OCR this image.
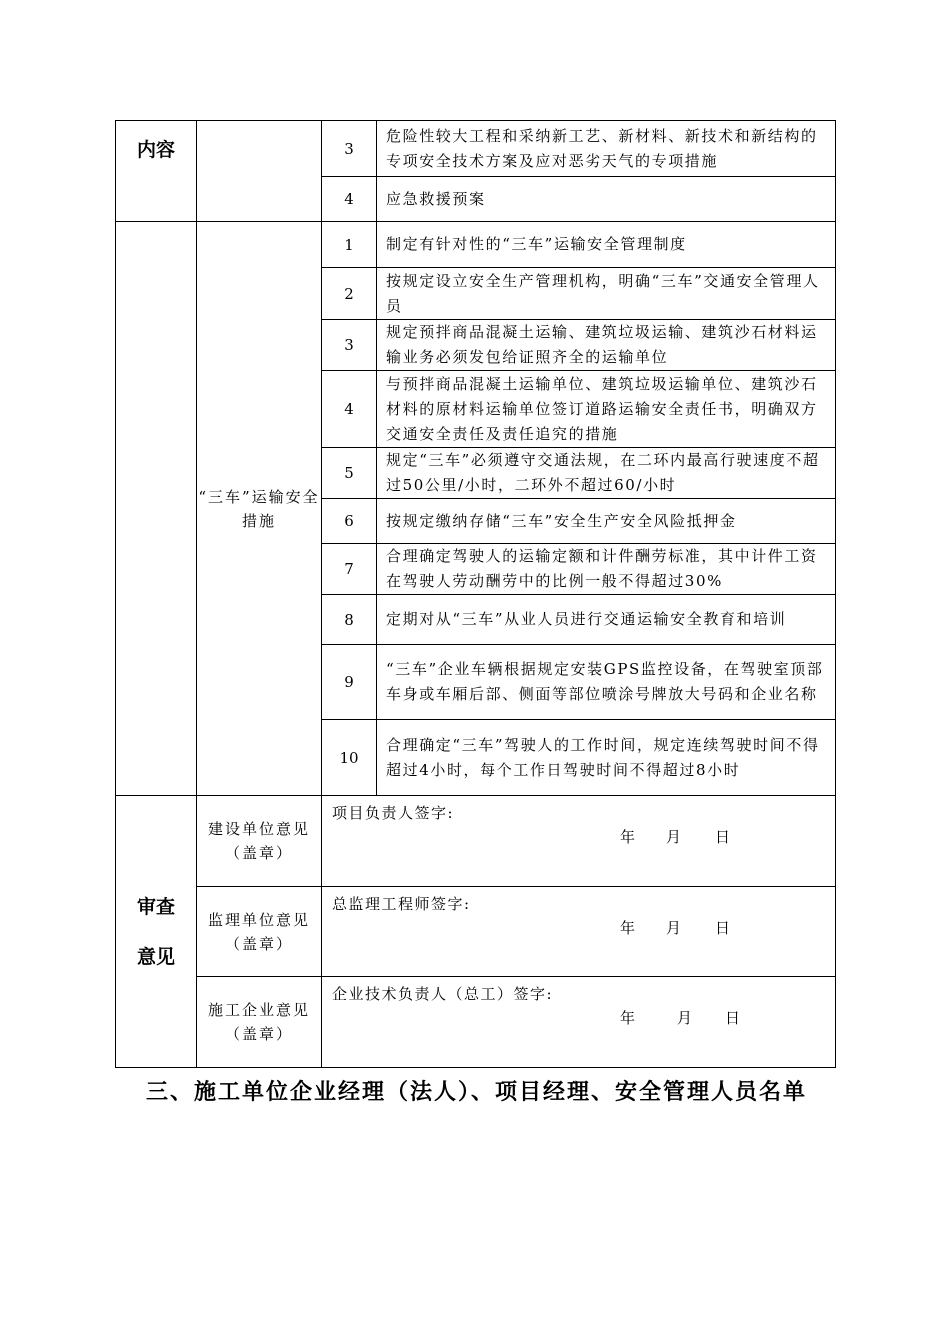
内容		3	危险性较大工程和采纳新工艺、新材料、新技术和新结构的专项安全技术方案及应对恶劣天气的专项措施
		4	应急救援预案
	“三车”运输安全措施	1	制定有针对性的“三车”运输安全管理制度
		2	按规定设立安全生产管理机构，明确“三车”交通安全管理人员
		3	规定预拌商品混凝土运输、建筑垃圾运输、建筑沙石材料运输业务必须发包给证照齐全的运输单位
		4	与预拌商品混凝土运输单位、建筑垃圾运输单位、建筑沙石材料的原材料运输单位签订道路运输安全责任书，明确双方交通安全责任及责任追究的措施
		5	规定“三车”必须遵守交通法规，在二环内最高行驶速度不超过50公里/小时，二环外不超过60/小时
		6	按规定缴纳存储“三车”安全生产安全风险抵押金
		7	合理确定驾驶人的运输定额和计件酬劳标准，其中计件工资在驾驶人劳动酬劳中的比例一般不得超过30%
		8	定期对从“三车”从业人员进行交通运输安全教育和培训
		9	“三车”企业车辆根据规定安装GPS监控设备，在驾驶室顶部车身或车厢后部、侧面等部位喷涂号牌放大号码和企业名称
		10	合理确定“三车”驾驶人的工作时间，规定连续驾驶时间不得超过4小时，每个工作日驾驶时间不得超过8小时

审查
意见	建设单位意见（盖章）	项目负责人签字:
年 月 日	

	监理单位意见（盖章）	总监理工程师签字:
年 月 日	

	施工企业意见（盖章）	企业技术负责人（总工）签字:
年 月 日	
三、施工单位企业经理（法人）、项目经理、安全管理人员名单
